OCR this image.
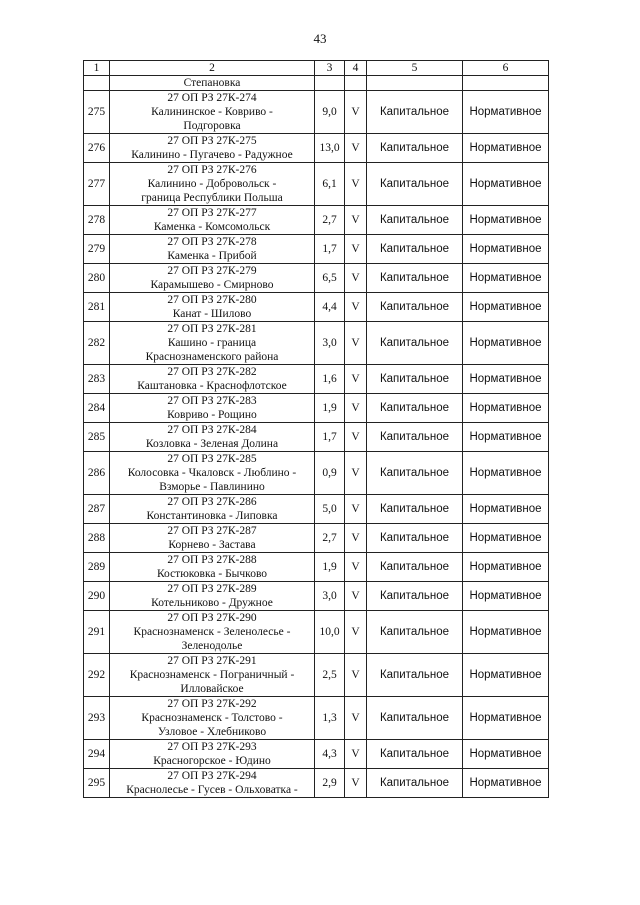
43
1	2	3	4	5	6
	Степановка				
275	27 ОП РЗ 27К-274
Калининское - Ковриво -
Подгоровка	9,0	V	Капитальное	Нормативное
276	27 ОП РЗ 27К-275
Калинино - Пугачево - Радужное	13,0	V	Капитальное	Нормативное
277	27 ОП РЗ 27К-276
Калинино - Добровольск -
граница Республики Польша	6,1	V	Капитальное	Нормативное
278	27 ОП РЗ 27К-277
Каменка - Комсомольск	2,7	V	Капитальное	Нормативное
279	27 ОП РЗ 27К-278
Каменка - Прибой	1,7	V	Капитальное	Нормативное
280	27 ОП РЗ 27К-279
Карамышево - Смирново	6,5	V	Капитальное	Нормативное
281	27 ОП РЗ 27К-280
Канат - Шилово	4,4	V	Капитальное	Нормативное
282	27 ОП РЗ 27К-281
Кашино - граница
Краснознаменского района	3,0	V	Капитальное	Нормативное
283	27 ОП РЗ 27К-282
Каштановка - Краснофлотское	1,6	V	Капитальное	Нормативное
284	27 ОП РЗ 27К-283
Ковриво - Рощино	1,9	V	Капитальное	Нормативное
285	27 ОП РЗ 27К-284
Козловка - Зеленая Долина	1,7	V	Капитальное	Нормативное
286	27 ОП РЗ 27К-285
Колосовка - Чкаловск - Люблино -
Взморье - Павлинино	0,9	V	Капитальное	Нормативное
287	27 ОП РЗ 27К-286
Константиновка - Липовка	5,0	V	Капитальное	Нормативное
288	27 ОП РЗ 27К-287
Корнево - Застава	2,7	V	Капитальное	Нормативное
289	27 ОП РЗ 27К-288
Костюковка - Бычково	1,9	V	Капитальное	Нормативное
290	27 ОП РЗ 27К-289
Котельниково - Дружное	3,0	V	Капитальное	Нормативное
291	27 ОП РЗ 27К-290
Краснознаменск - Зеленолесье -
Зеленодолье	10,0	V	Капитальное	Нормативное
292	27 ОП РЗ 27К-291
Краснознаменск - Пограничный -
Илловайское	2,5	V	Капитальное	Нормативное
293	27 ОП РЗ 27К-292
Краснознаменск - Толстово -
Узловое - Хлебниково	1,3	V	Капитальное	Нормативное
294	27 ОП РЗ 27К-293
Красногорское - Юдино	4,3	V	Капитальное	Нормативное
295	27 ОП РЗ 27К-294
Краснолесье - Гусев - Ольховатка -	2,9	V	Капитальное	Нормативное
